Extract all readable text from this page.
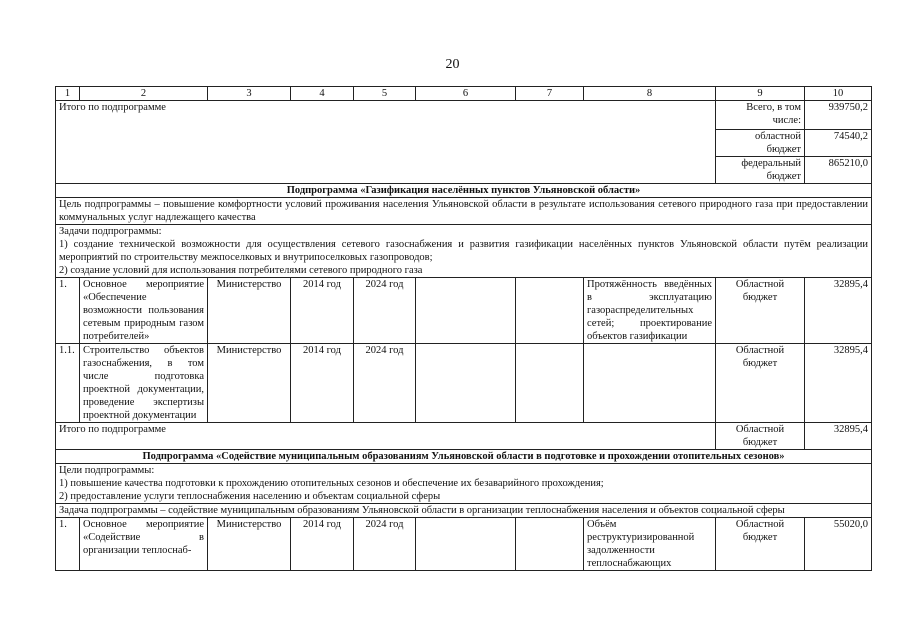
20
1	2	3	4	5	6	7	8	9	10
Итого по подпрограмме								Всего, в том числе:	939750,2
								областной бюджет	74540,2
								федеральный бюджет	865210,0
Подпрограмма «Газификация населённых пунктов Ульяновской области»									
Цель подпрограммы – повышение комфортности условий проживания населения Ульяновской области в результате использования сетевого природного газа при предоставлении коммунальных услуг надлежащего качества									
Задачи подпрограммы:
1) создание технической возможности для осуществления сетевого газоснабжения и развития газификации населённых пунктов Ульяновской области путём реализации мероприятий по строительству межпоселковых и внутрипоселковых газопроводов;
2) создание условий для использования потребителями сетевого природного газа									
1.	Основное мероприятие «Обеспечение возможности пользования сетевым природным газом потребителей»	Министерство	2014 год	2024 год			Протяжённость введённых в эксплуатацию газораспределительных сетей; проектирование объектов газификации	Областной бюджет	32895,4
1.1.	Строительство объектов газоснабжения, в том числе подготовка проектной документации, проведение экспертизы проектной документации	Министерство	2014 год	2024 год				Областной бюджет	32895,4
Итого по подпрограмме								Областной бюджет	32895,4
Подпрограмма «Содействие муниципальным образованиям Ульяновской области в подготовке и прохождении отопительных сезонов»									
Цели подпрограммы:
1) повышение качества подготовки к прохождению отопительных сезонов и обеспечение их безаварийного прохождения;
2) предоставление услуги теплоснабжения населению и объектам социальной сферы									
Задача подпрограммы – содействие муниципальным образованиям Ульяновской области в организации теплоснабжения населения и объектов социальной сферы									
1.	Основное мероприятие «Содействие в организации теплоснаб-	Министерство	2014 год	2024 год			Объём реструктуризированной задолженности теплоснабжающих	Областной бюджет	55020,0
